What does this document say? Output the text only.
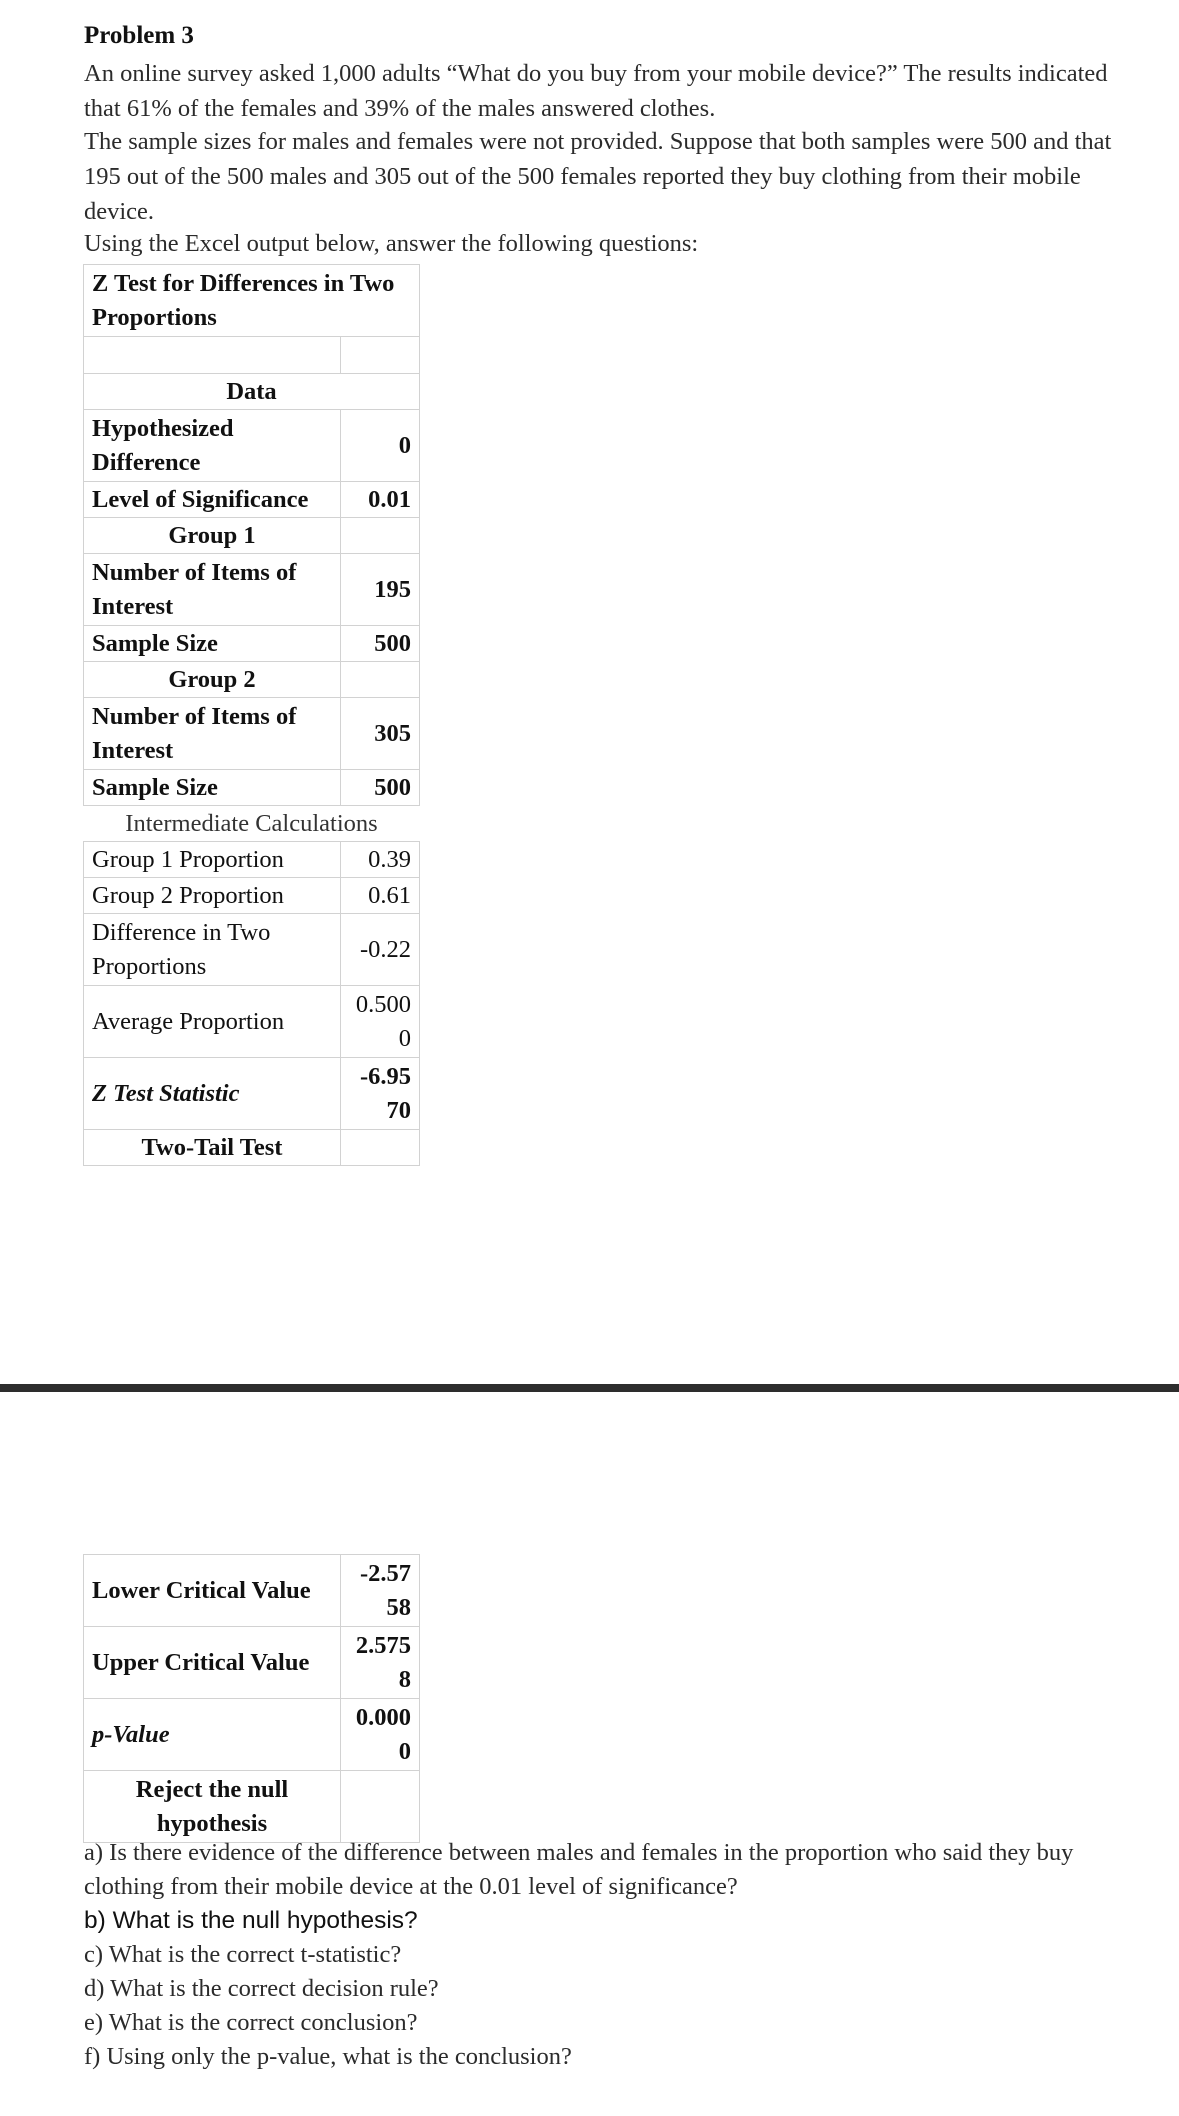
Problem 3
An online survey asked 1,000 adults “What do you buy from your mobile device?” The results indicated that 61% of the females and 39% of the males answered clothes.
The sample sizes for males and females were not provided. Suppose that both samples were 500 and that 195 out of the 500 males and 305 out of the 500 females reported they buy clothing from their mobile device.
Using the Excel output below, answer the following questions:
Z Test for Differences in Two Proportions	

Data	
Hypothesized Difference	0
Level of Significance	0.01
Group 1	
Number of Items of Interest	195
Sample Size	500
Group 2	
Number of Items of Interest	305
Sample Size	500
Intermediate Calculations	
Group 1 Proportion	0.39
Group 2 Proportion	0.61
Difference in Two Proportions	-0.22
Average Proportion	0.500
0

Z Test Statistic	-6.95
70

Two-Tail Test	
Lower Critical Value	-2.57
58

Upper Critical Value	2.575
8

p-Value	0.000
0

Reject the null
hypothesis	

a) Is there evidence of the difference between males and females in the proportion who said they buy clothing from their mobile device at the 0.01 level of significance?
b) What is the null hypothesis?
c) What is the correct t-statistic?
d) What is the correct decision rule?
e) What is the correct conclusion?
f) Using only the p-value, what is the conclusion?
